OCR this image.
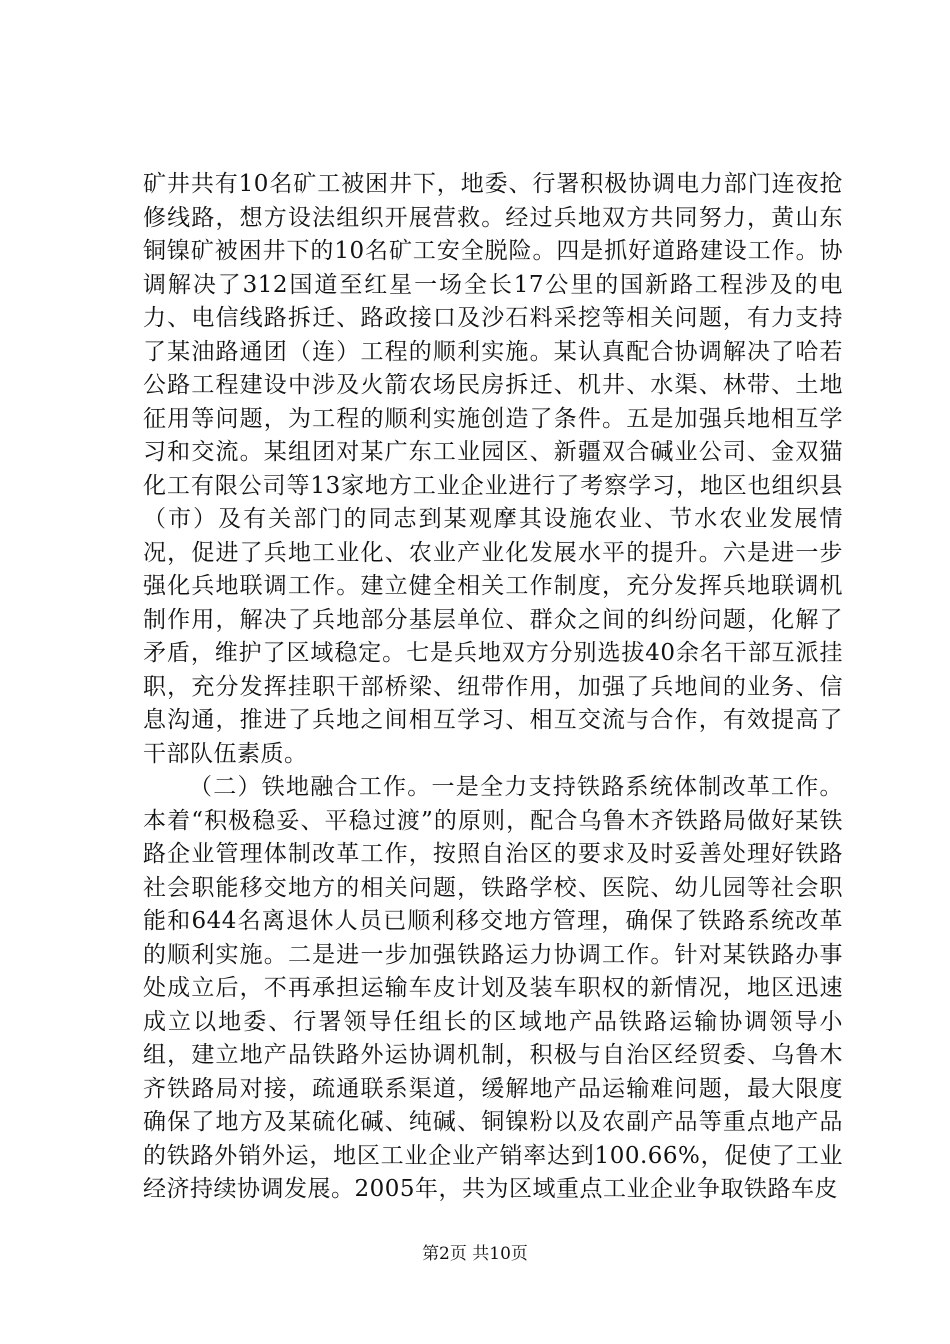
矿井共有10名矿工被困井下，地委、行署积极协调电力部门连夜抢修线路，想方设法组织开展营救。经过兵地双方共同努力，黄山东铜镍矿被困井下的10名矿工安全脱险。四是抓好道路建设工作。协调解决了312国道至红星一场全长17公里的国新路工程涉及的电力、电信线路拆迁、路政接口及沙石料采挖等相关问题，有力支持了某油路通团（连）工程的顺利实施。某认真配合协调解决了哈若公路工程建设中涉及火箭农场民房拆迁、机井、水渠、林带、土地征用等问题，为工程的顺利实施创造了条件。五是加强兵地相互学习和交流。某组团对某广东工业园区、新疆双合碱业公司、金双猫化工有限公司等13家地方工业企业进行了考察学习，地区也组织县（市）及有关部门的同志到某观摩其设施农业、节水农业发展情况，促进了兵地工业化、农业产业化发展水平的提升。六是进一步强化兵地联调工作。建立健全相关工作制度，充分发挥兵地联调机制作用，解决了兵地部分基层单位、群众之间的纠纷问题，化解了矛盾，维护了区域稳定。七是兵地双方分别选拔40余名干部互派挂职，充分发挥挂职干部桥梁、纽带作用，加强了兵地间的业务、信息沟通，推进了兵地之间相互学习、相互交流与合作，有效提高了干部队伍素质。

（二）铁地融合工作。一是全力支持铁路系统体制改革工作。本着“积极稳妥、平稳过渡”的原则，配合乌鲁木齐铁路局做好某铁路企业管理体制改革工作，按照自治区的要求及时妥善处理好铁路社会职能移交地方的相关问题，铁路学校、医院、幼儿园等社会职能和644名离退休人员已顺利移交地方管理，确保了铁路系统改革的顺利实施。二是进一步加强铁路运力协调工作。针对某铁路办事处成立后，不再承担运输车皮计划及装车职权的新情况，地区迅速成立以地委、行署领导任组长的区域地产品铁路运输协调领导小组，建立地产品铁路外运协调机制，积极与自治区经贸委、乌鲁木齐铁路局对接，疏通联系渠道，缓解地产品运输难问题，最大限度确保了地方及某硫化碱、纯碱、铜镍粉以及农副产品等重点地产品的铁路外销外运，地区工业企业产销率达到100.66%，促使了工业经济持续协调发展。2005年，共为区域重点工业企业争取铁路车皮

第2页 共10页
